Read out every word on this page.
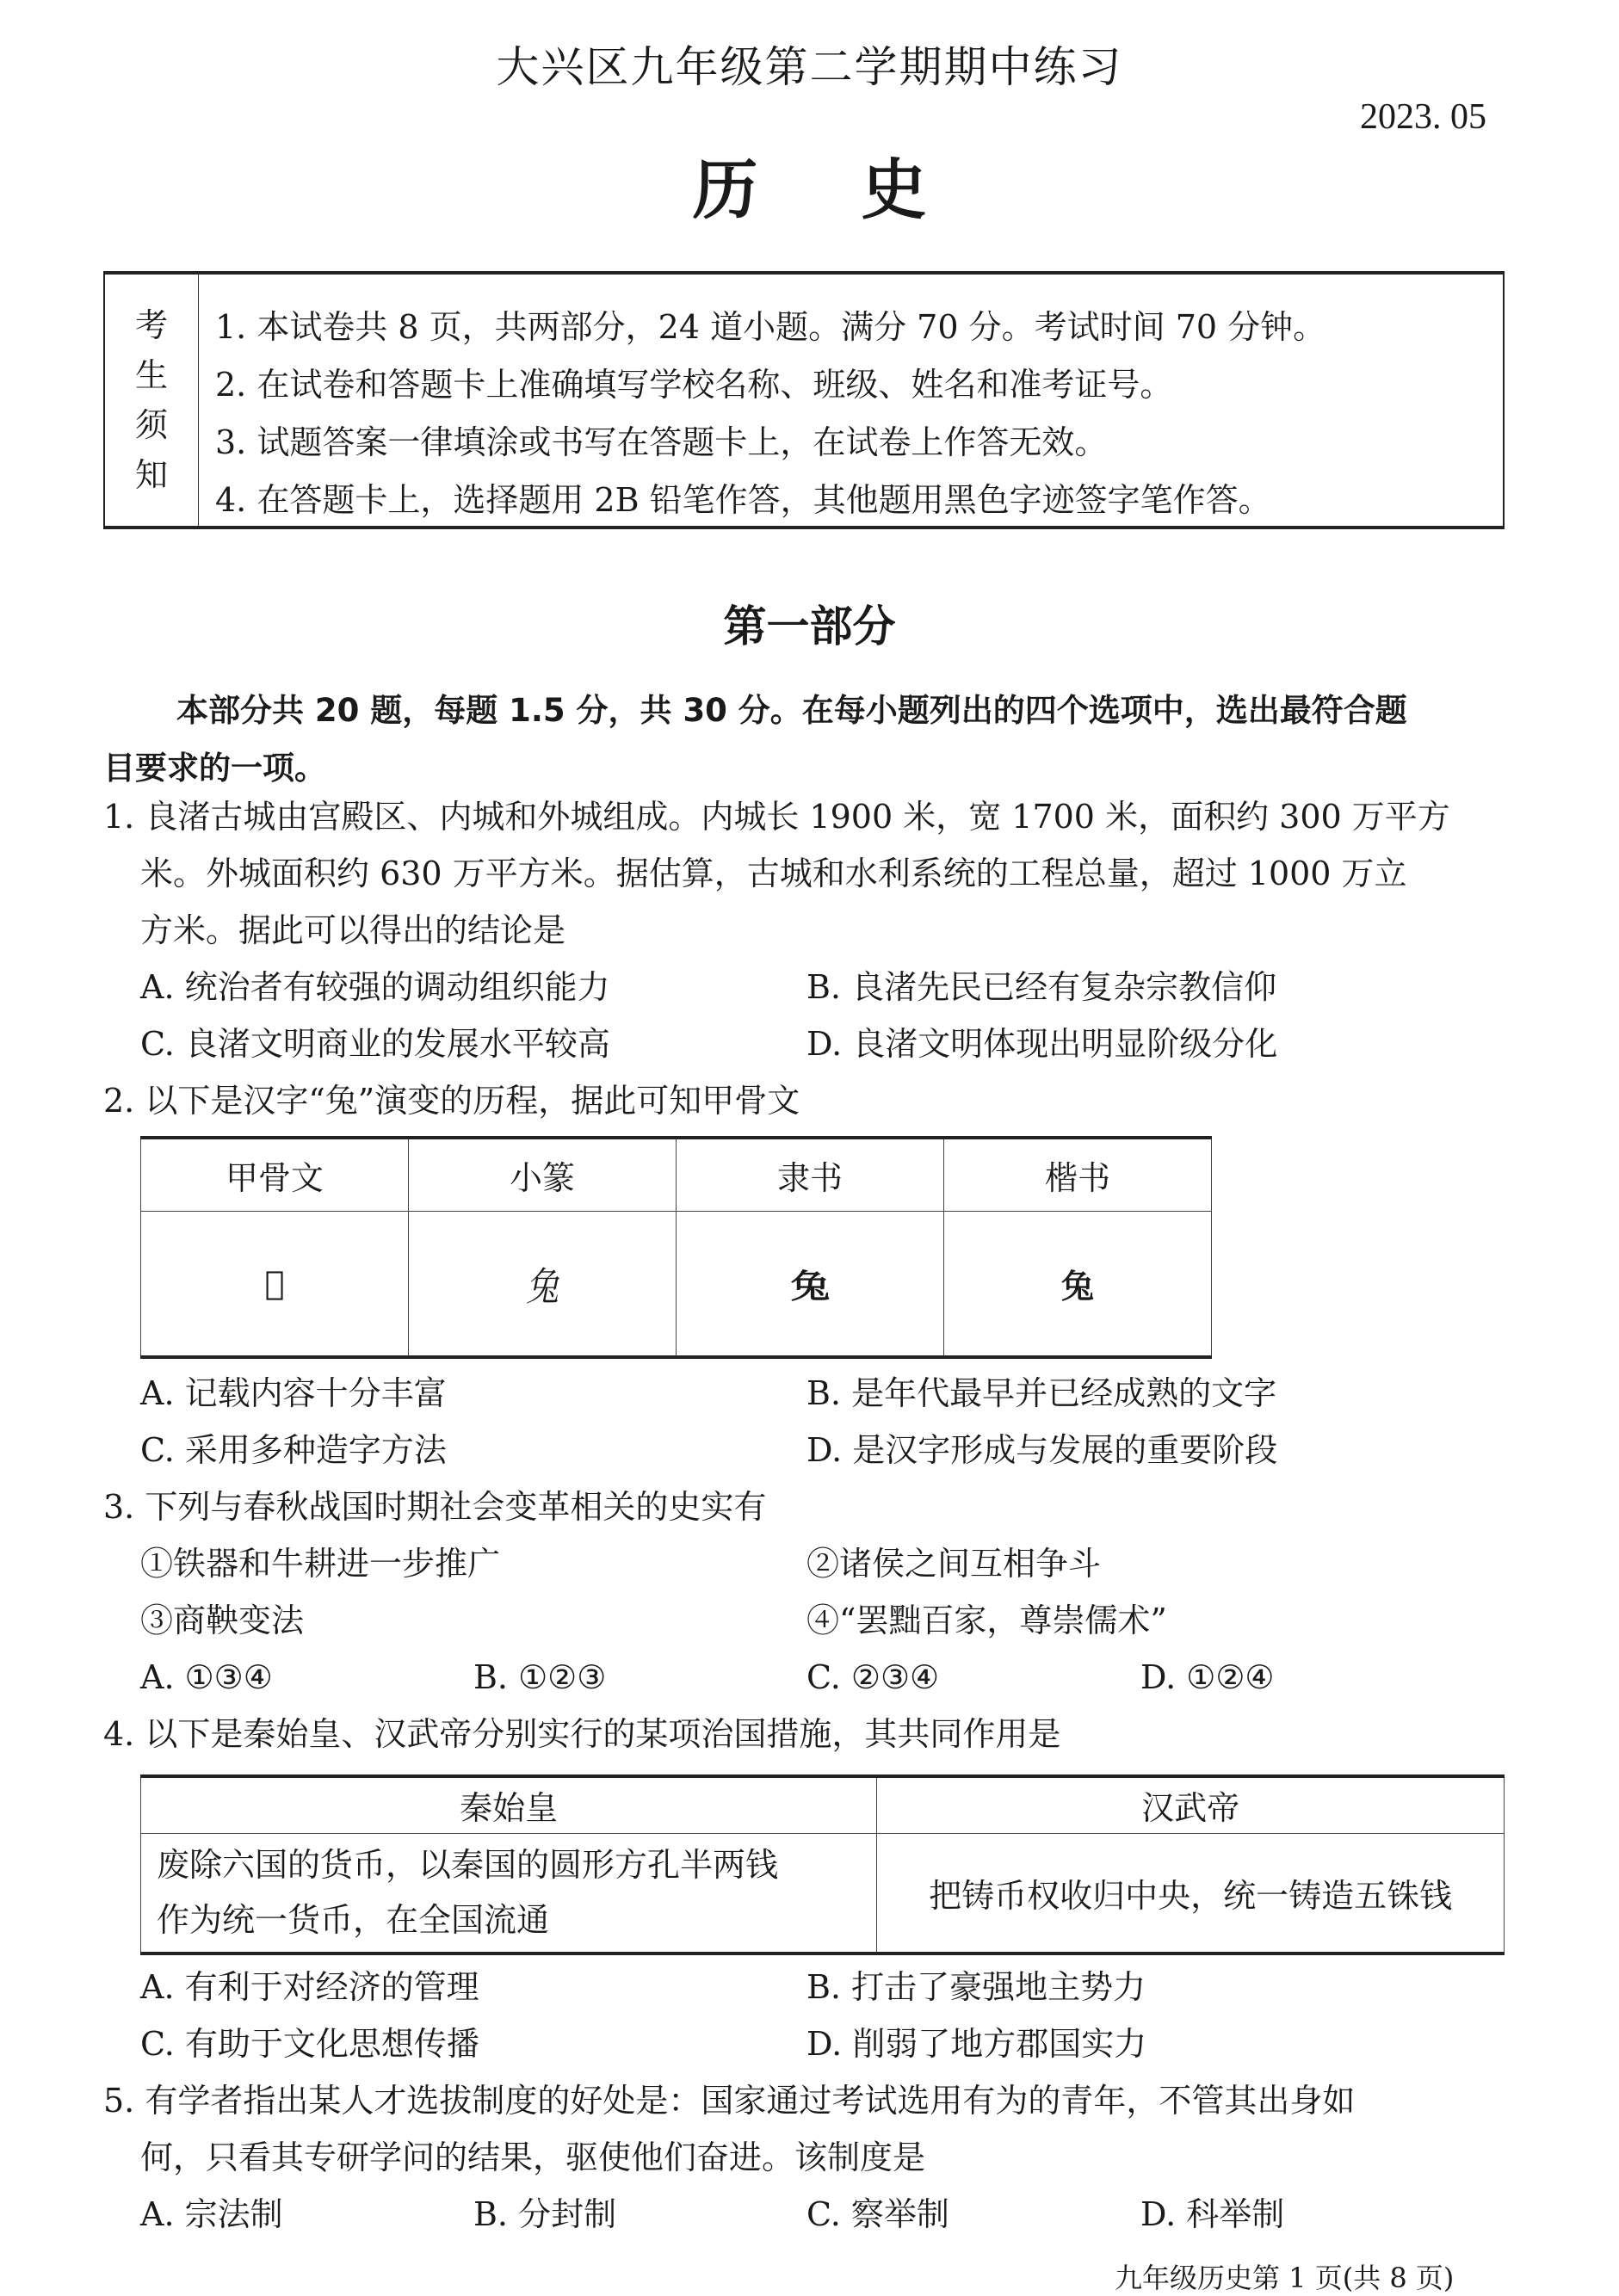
大兴区九年级第二学期期中练习
2023. 05
历 史
考
生
须
知
1. 本试卷共 8 页，共两部分，24 道小题。满分 70 分。考试时间 70 分钟。
2. 在试卷和答题卡上准确填写学校名称、班级、姓名和准考证号。
3. 试题答案一律填涂或书写在答题卡上，在试卷上作答无效。
4. 在答题卡上，选择题用 2B 铅笔作答，其他题用黑色字迹签字笔作答。
第一部分
本部分共 20 题，每题 1.5 分，共 30 分。在每小题列出的四个选项中，选出最符合题
目要求的一项。
1. 良渚古城由宫殿区、内城和外城组成。内城长 1900 米，宽 1700 米，面积约 300 万平方
米。外城面积约 630 万平方米。据估算，古城和水利系统的工程总量，超过 1000 万立
方米。据此可以得出的结论是
A. 统治者有较强的调动组织能力	B. 良渚先民已经有复杂宗教信仰
C. 良渚文明商业的发展水平较高	D. 良渚文明体现出明显阶级分化
2. 以下是汉字“兔”演变的历程，据此可知甲骨文
甲骨文	小篆	隶书	楷书
𢀚	兔	兔	兔
A. 记载内容十分丰富	B. 是年代最早并已经成熟的文字
C. 采用多种造字方法	D. 是汉字形成与发展的重要阶段
3. 下列与春秋战国时期社会变革相关的史实有
①铁器和牛耕进一步推广	②诸侯之间互相争斗
③商鞅变法	④“罢黜百家，尊崇儒术”
A. ①③④	B. ①②③	C. ②③④	D. ①②④
4. 以下是秦始皇、汉武帝分别实行的某项治国措施，其共同作用是
秦始皇	汉武帝

废除六国的货币，以秦国的圆形方孔半两钱
作为统一货币，在全国流通	把铸币权收归中央，统一铸造五铢钱
A. 有利于对经济的管理	B. 打击了豪强地主势力
C. 有助于文化思想传播	D. 削弱了地方郡国实力
5. 有学者指出某人才选拔制度的好处是：国家通过考试选用有为的青年，不管其出身如
何，只看其专研学问的结果，驱使他们奋进。该制度是
A. 宗法制	B. 分封制	C. 察举制	D. 科举制
九年级历史第 1 页(共 8 页)
